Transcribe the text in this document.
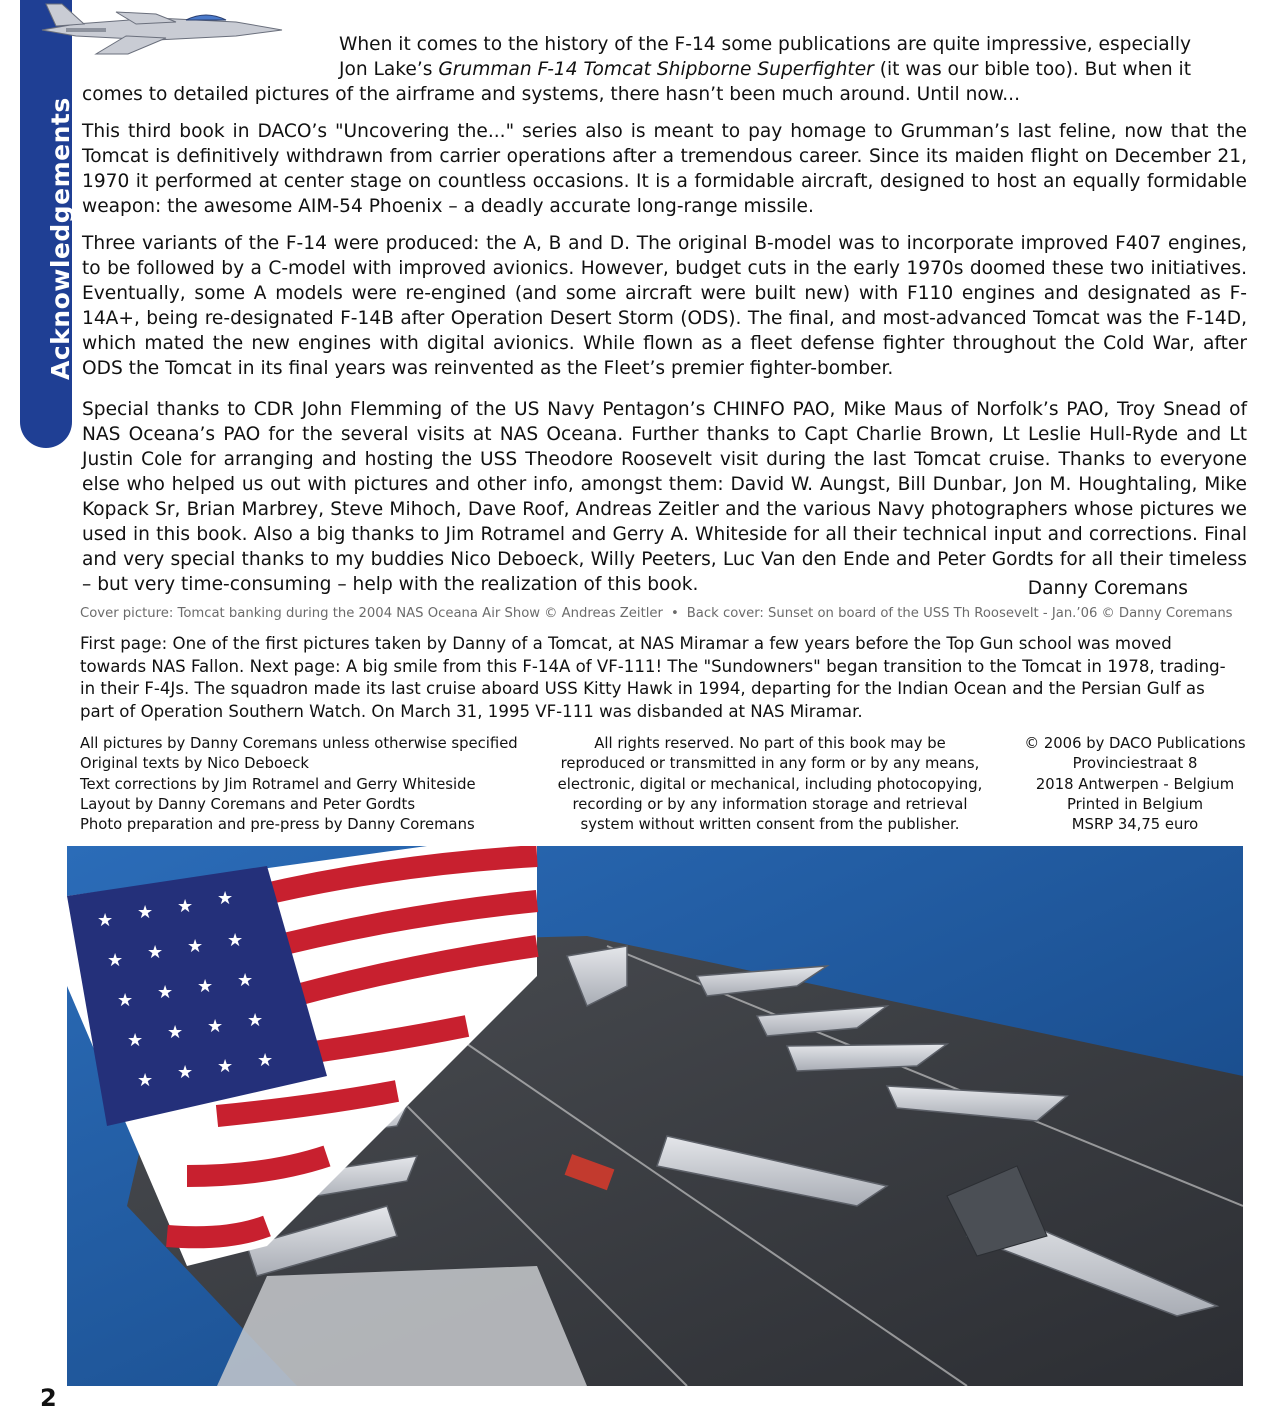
Acknowledgements

When it comes to the history of the F-14 some publications are quite impressive, especially
Jon Lake’s Grumman F-14 Tomcat Shipborne Superfighter (it was our bible too). But when it

comes to detailed pictures of the airframe and systems, there hasn’t been much around. Until now...

This third book in DACO’s "Uncovering the..." series also is meant to pay homage to Grumman’s last feline, now that the Tomcat is definitively withdrawn from carrier operations after a tremendous career. Since its maiden flight on December 21, 1970 it performed at center stage on countless occasions. It is a formidable aircraft, designed to host an equally formidable weapon: the awesome AIM-54 Phoenix – a deadly accurate long-range missile.

Three variants of the F-14 were produced: the A, B and D. The original B-model was to incorporate improved F407 engines, to be followed by a C-model with improved avionics. However, budget cuts in the early 1970s doomed these two initiatives. Eventually, some A models were re-engined (and some aircraft were built new) with F110 engines and designated as F-14A+, being re-designated F-14B after Operation Desert Storm (ODS). The final, and most-advanced Tomcat was the F-14D, which mated the new engines with digital avionics. While flown as a fleet defense fighter throughout the Cold War, after ODS the Tomcat in its final years was reinvented as the Fleet’s premier fighter-bomber.

Special thanks to CDR John Flemming of the US Navy Pentagon’s CHINFO PAO, Mike Maus of Norfolk’s PAO, Troy Snead of NAS Oceana’s PAO for the several visits at NAS Oceana. Further thanks to Capt Charlie Brown, Lt Leslie Hull-Ryde and Lt Justin Cole for arranging and hosting the USS Theodore Roosevelt visit during the last Tomcat cruise. Thanks to everyone else who helped us out with pictures and other info, amongst them: David W. Aungst, Bill Dunbar, Jon M. Houghtaling, Mike Kopack Sr, Brian Marbrey, Steve Mihoch, Dave Roof, Andreas Zeitler and the various Navy photographers whose pictures we used in this book. Also a big thanks to Jim Rotramel and Gerry A. Whiteside for all their technical input and corrections. Final and very special thanks to my buddies Nico Deboeck, Willy Peeters, Luc Van den Ende and Peter Gordts for all their timeless – but very time-consuming – help with the realization of this book.	Danny Coremans
Cover picture: Tomcat banking during the 2004 NAS Oceana Air Show © Andreas Zeitler • Back cover: Sunset on board of the USS Th Roosevelt - Jan.’06 © Danny Coremans

First page: One of the first pictures taken by Danny of a Tomcat, at NAS Miramar a few years before the Top Gun school was moved towards NAS Fallon. Next page: A big smile from this F-14A of VF-111! The "Sundowners" began transition to the Tomcat in 1978, trading-in their F-4Js. The squadron made its last cruise aboard USS Kitty Hawk in 1994, departing for the Indian Ocean and the Persian Gulf as part of Operation Southern Watch. On March 31, 1995 VF-111 was disbanded at NAS Miramar.

All pictures by Danny Coremans unless otherwise specified
Original texts by Nico Deboeck
Text corrections by Jim Rotramel and Gerry Whiteside
Layout by Danny Coremans and Peter Gordts
Photo preparation and pre-press by Danny Coremans
All rights reserved. No part of this book may be
reproduced or transmitted in any form or by any means,
electronic, digital or mechanical, including photocopying,
recording or by any information storage and retrieval
system without written consent from the publisher.
© 2006 by DACO Publications
Provinciestraat 8
2018 Antwerpen - Belgium
Printed in Belgium
MSRP 34,75 euro
★ ★ ★ ★
★ ★ ★ ★
★ ★ ★ ★
★ ★ ★ ★
★ ★ ★ ★
2
